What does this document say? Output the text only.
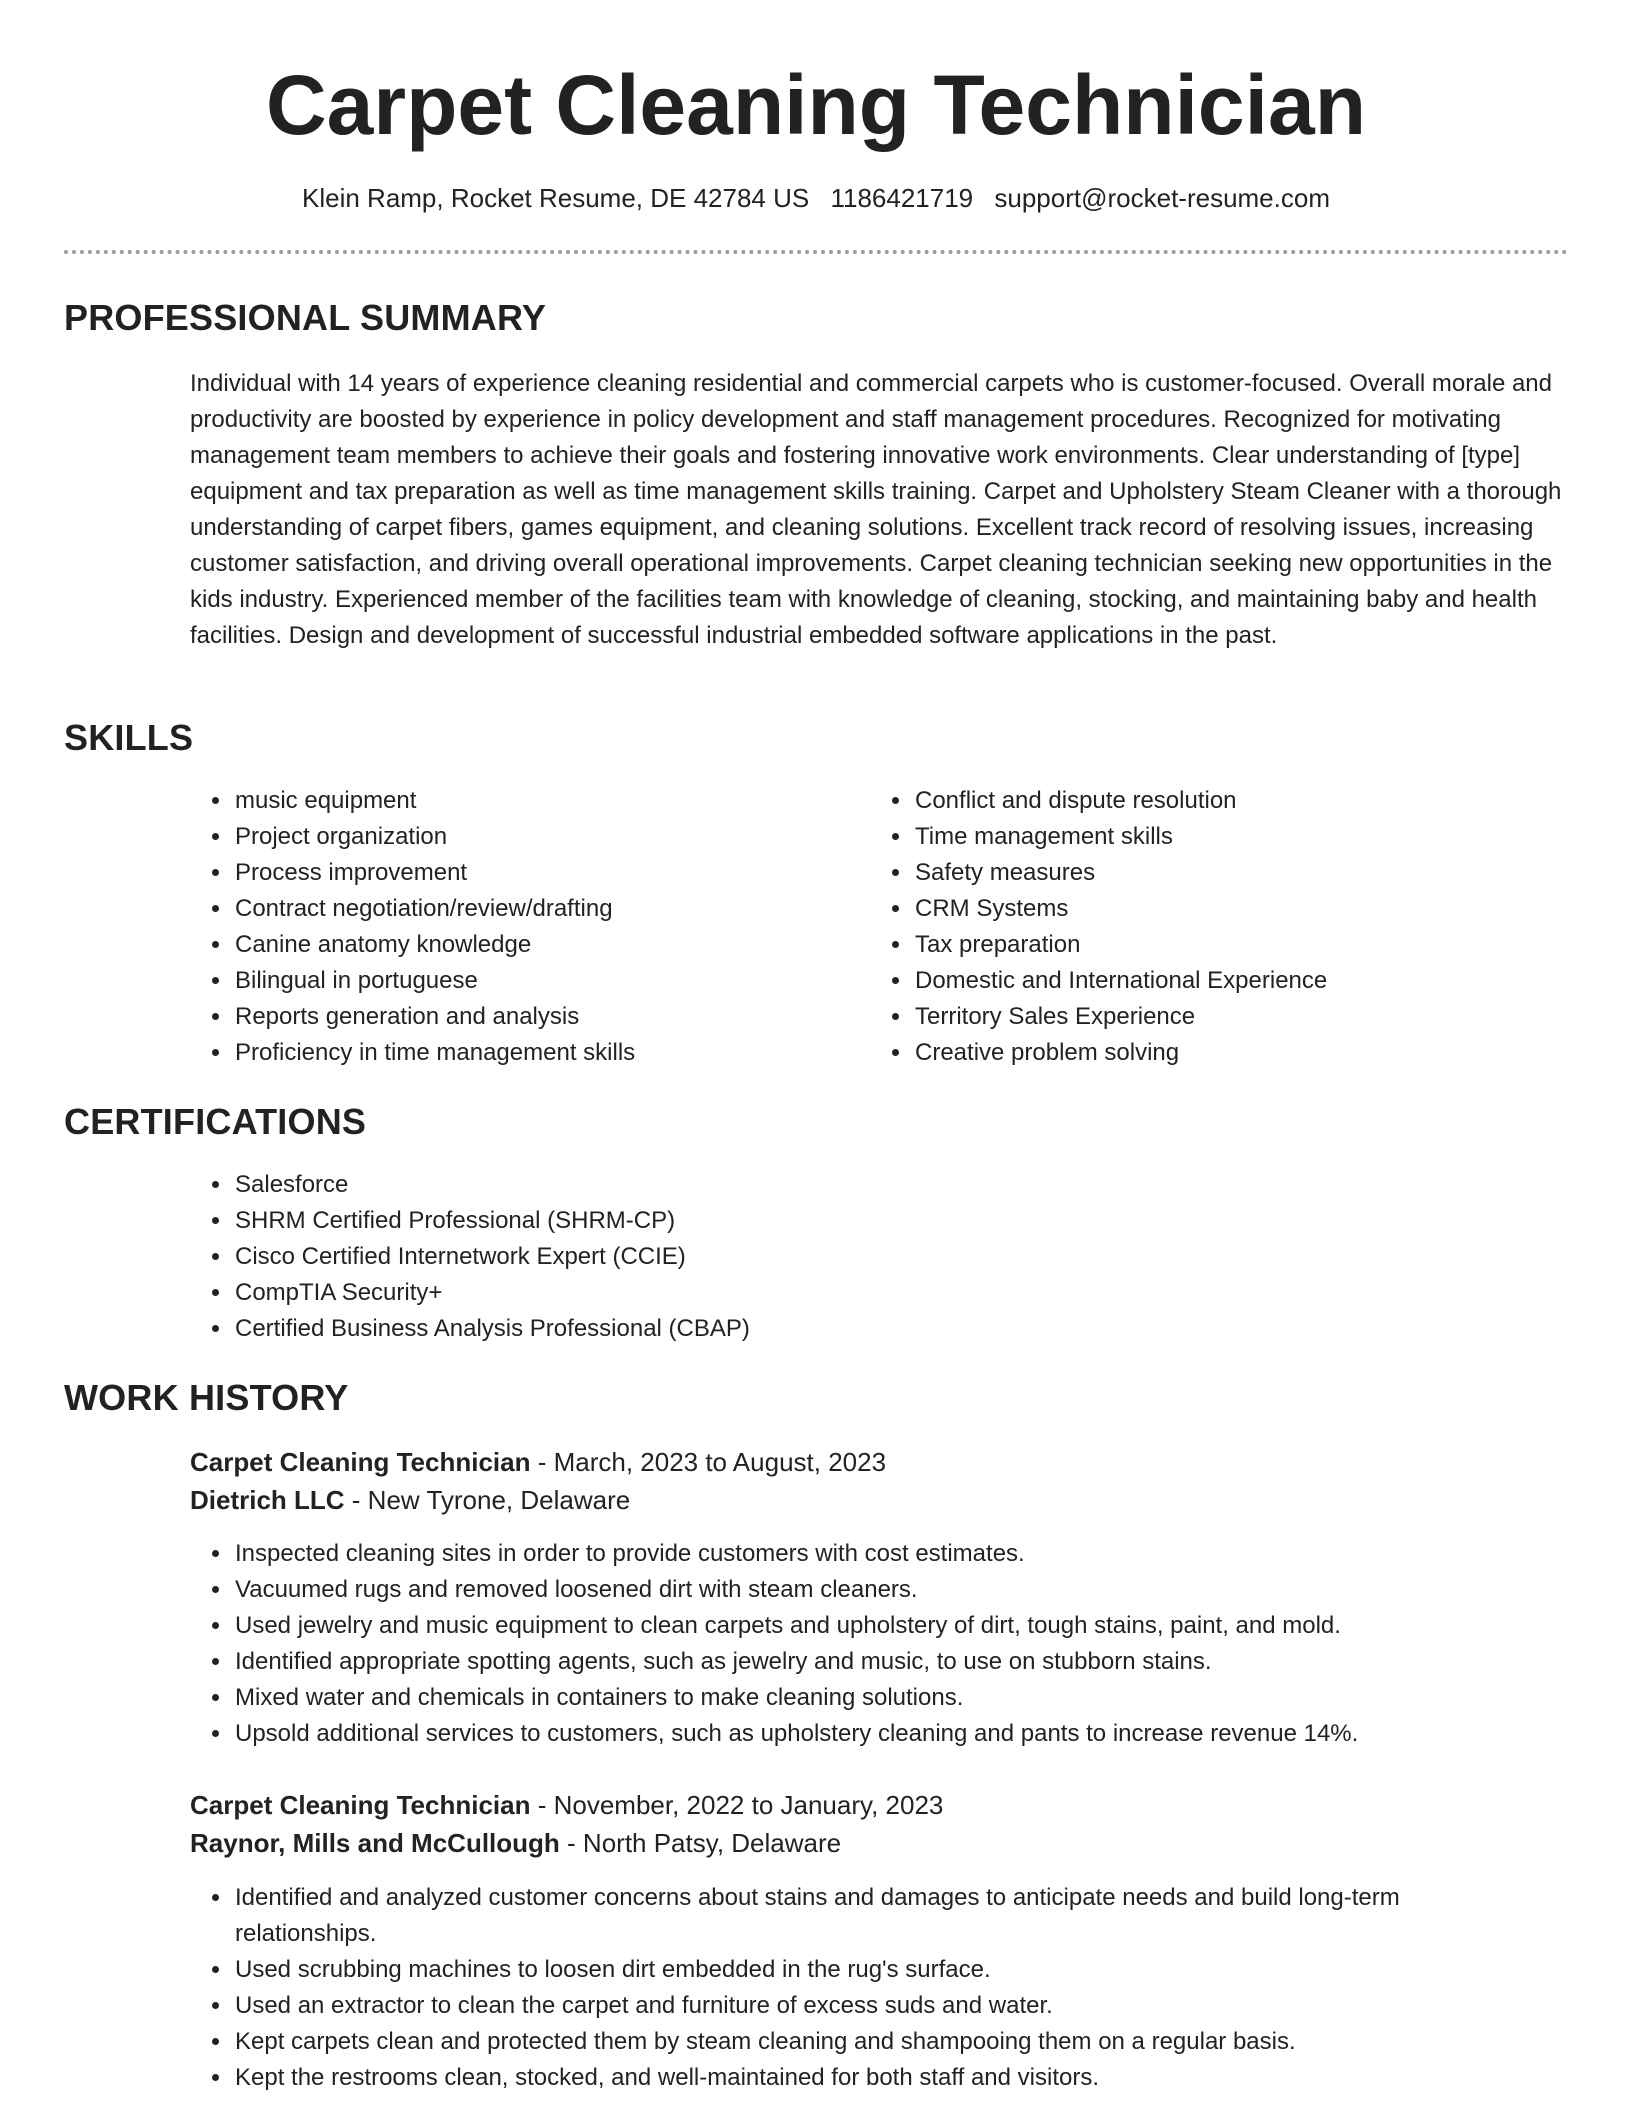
Carpet Cleaning Technician
Klein Ramp, Rocket Resume, DE 42784 US 1186421719 support@rocket-resume.com
PROFESSIONAL SUMMARY

Individual with 14 years of experience cleaning residential and commercial carpets who is customer-focused. Overall morale and productivity are boosted by experience in policy development and staff management procedures. Recognized for motivating management team members to achieve their goals and fostering innovative work environments. Clear understanding of [type] equipment and tax preparation as well as time management skills training. Carpet and Upholstery Steam Cleaner with a thorough understanding of carpet fibers, games equipment, and cleaning solutions. Excellent track record of resolving issues, increasing customer satisfaction, and driving overall operational improvements. Carpet cleaning technician seeking new opportunities in the kids industry. Experienced member of the facilities team with knowledge of cleaning, stocking, and maintaining baby and health facilities. Design and development of successful industrial embedded software applications in the past.

SKILLS
• music equipment
• Project organization
• Process improvement
• Contract negotiation/review/drafting
• Canine anatomy knowledge
• Bilingual in portuguese
• Reports generation and analysis
• Proficiency in time management skills
• Conflict and dispute resolution
• Time management skills
• Safety measures
• CRM Systems
• Tax preparation
• Domestic and International Experience
• Territory Sales Experience
• Creative problem solving
CERTIFICATIONS
• Salesforce
• SHRM Certified Professional (SHRM-CP)
• Cisco Certified Internetwork Expert (CCIE)
• CompTIA Security+
• Certified Business Analysis Professional (CBAP)
WORK HISTORY
Carpet Cleaning Technician - March, 2023 to August, 2023
Dietrich LLC - New Tyrone, Delaware
• Inspected cleaning sites in order to provide customers with cost estimates.
• Vacuumed rugs and removed loosened dirt with steam cleaners.
• Used jewelry and music equipment to clean carpets and upholstery of dirt, tough stains, paint, and mold.
• Identified appropriate spotting agents, such as jewelry and music, to use on stubborn stains.
• Mixed water and chemicals in containers to make cleaning solutions.
• Upsold additional services to customers, such as upholstery cleaning and pants to increase revenue 14%.
Carpet Cleaning Technician - November, 2022 to January, 2023
Raynor, Mills and McCullough - North Patsy, Delaware
• Identified and analyzed customer concerns about stains and damages to anticipate needs and build long-term relationships.
• Used scrubbing machines to loosen dirt embedded in the rug's surface.
• Used an extractor to clean the carpet and furniture of excess suds and water.
• Kept carpets clean and protected them by steam cleaning and shampooing them on a regular basis.
• Kept the restrooms clean, stocked, and well-maintained for both staff and visitors.
